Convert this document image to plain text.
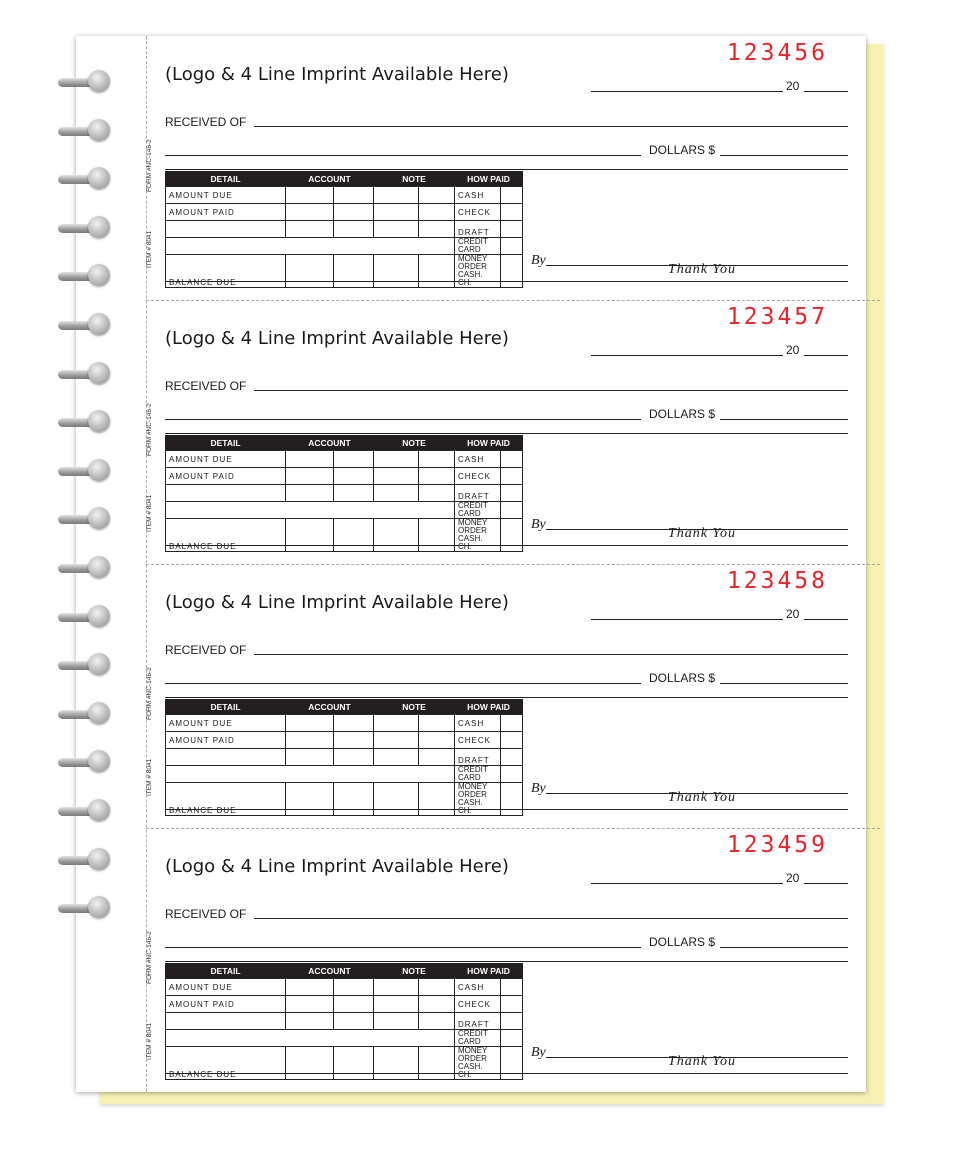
123456
(Logo & 4 Line Imprint Available Here)
20
RECEIVED OF
DOLLARS $
FORM #NC-146-2
ITEM # 8041
DETAIL	ACCOUNT		NOTE		HOW PAID	
AMOUNT DUE					CASH	
AMOUNT PAID					CHECK	
					DRAFT	
					CREDIT CARD	
BALANCE DUE					MONEY ORDER CASH. CH.	
By
Thank You
123457
(Logo & 4 Line Imprint Available Here)
20
RECEIVED OF
DOLLARS $
FORM #NC-146-2
ITEM # 8041
DETAIL	ACCOUNT		NOTE		HOW PAID	
AMOUNT DUE					CASH	
AMOUNT PAID					CHECK	
					DRAFT	
					CREDIT CARD	
BALANCE DUE					MONEY ORDER CASH. CH.	
By
Thank You
123458
(Logo & 4 Line Imprint Available Here)
20
RECEIVED OF
DOLLARS $
FORM #NC-146-2
ITEM # 8041
DETAIL	ACCOUNT		NOTE		HOW PAID	
AMOUNT DUE					CASH	
AMOUNT PAID					CHECK	
					DRAFT	
					CREDIT CARD	
BALANCE DUE					MONEY ORDER CASH. CH.	
By
Thank You
123459
(Logo & 4 Line Imprint Available Here)
20
RECEIVED OF
DOLLARS $
FORM #NC-146-2
ITEM # 8041
DETAIL	ACCOUNT		NOTE		HOW PAID	
AMOUNT DUE					CASH	
AMOUNT PAID					CHECK	
					DRAFT	
					CREDIT CARD	
BALANCE DUE					MONEY ORDER CASH. CH.	
By
Thank You
